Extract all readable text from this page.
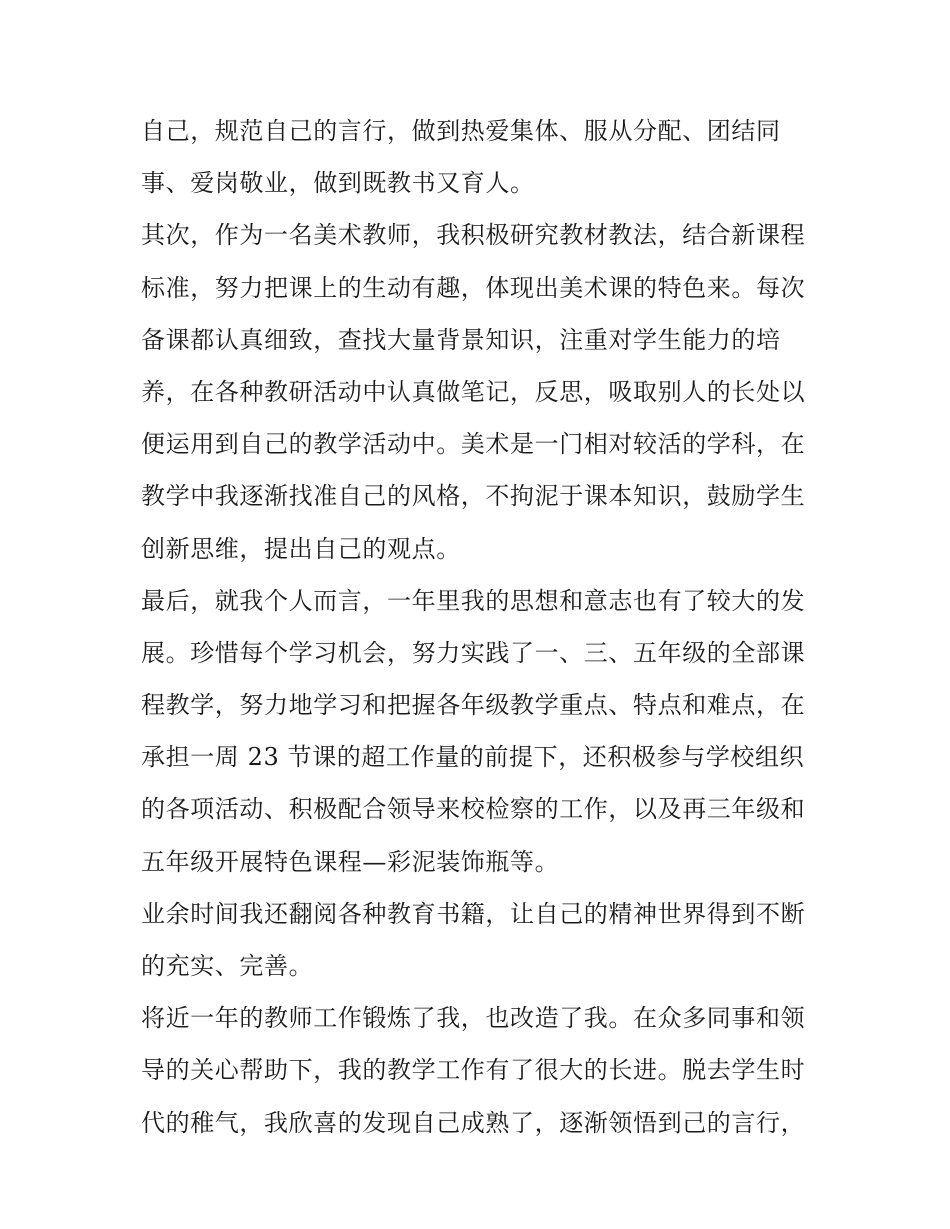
自己，规范自己的言行，做到热爱集体、服从分配、团结同
事、爱岗敬业，做到既教书又育人。
其次，作为一名美术教师，我积极研究教材教法，结合新课程
标准，努力把课上的生动有趣，体现出美术课的特色来。每次
备课都认真细致，查找大量背景知识，注重对学生能力的培
养，在各种教研活动中认真做笔记，反思，吸取别人的长处以
便运用到自己的教学活动中。美术是一门相对较活的学科，在
教学中我逐渐找准自己的风格，不拘泥于课本知识，鼓励学生
创新思维，提出自己的观点。
最后，就我个人而言，一年里我的思想和意志也有了较大的发
展。珍惜每个学习机会，努力实践了一、三、五年级的全部课
程教学，努力地学习和把握各年级教学重点、特点和难点，在
承担一周 23 节课的超工作量的前提下，还积极参与学校组织
的各项活动、积极配合领导来校检察的工作，以及再三年级和
五年级开展特色课程—彩泥装饰瓶等。
业余时间我还翻阅各种教育书籍，让自己的精神世界得到不断
的充实、完善。
将近一年的教师工作锻炼了我，也改造了我。在众多同事和领
导的关心帮助下，我的教学工作有了很大的长进。脱去学生时
代的稚气，我欣喜的发现自己成熟了，逐渐领悟到己的言行，
